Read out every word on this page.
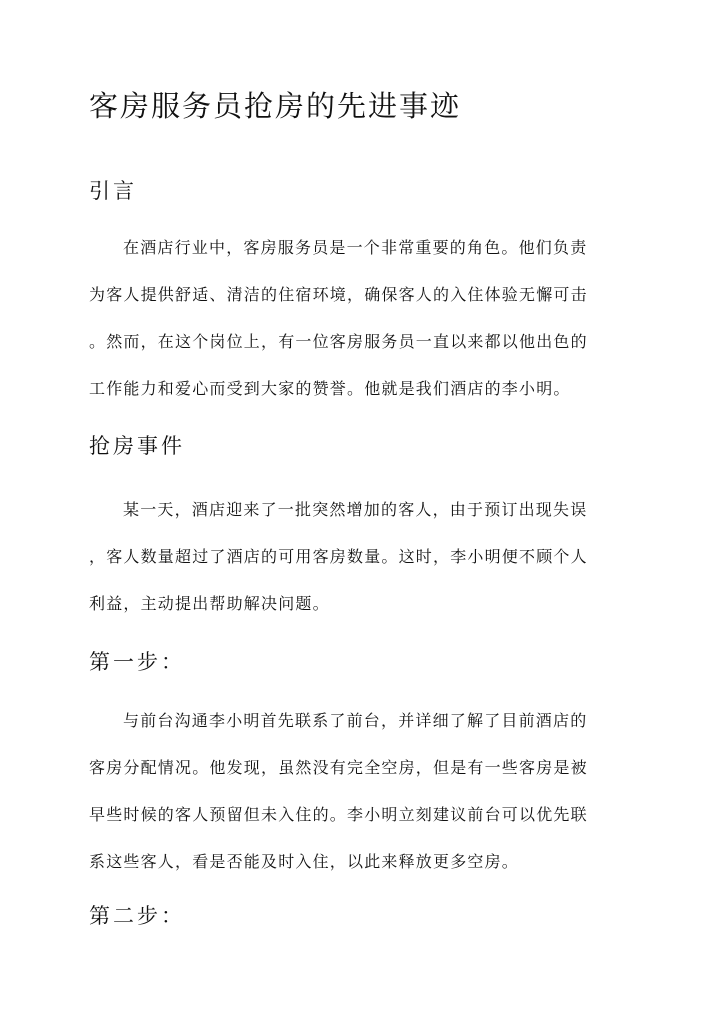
客房服务员抢房的先进事迹
引言
在酒店行业中，客房服务员是一个非常重要的角色。他们负责
为客人提供舒适、清洁的住宿环境，确保客人的入住体验无懈可击
。然而，在这个岗位上，有一位客房服务员一直以来都以他出色的
工作能力和爱心而受到大家的赞誉。他就是我们酒店的李小明。
抢房事件
某一天，酒店迎来了一批突然增加的客人，由于预订出现失误
，客人数量超过了酒店的可用客房数量。这时，李小明便不顾个人
利益，主动提出帮助解决问题。
第一步：
与前台沟通李小明首先联系了前台，并详细了解了目前酒店的
客房分配情况。他发现，虽然没有完全空房，但是有一些客房是被
早些时候的客人预留但未入住的。李小明立刻建议前台可以优先联
系这些客人，看是否能及时入住，以此来释放更多空房。
第二步：
